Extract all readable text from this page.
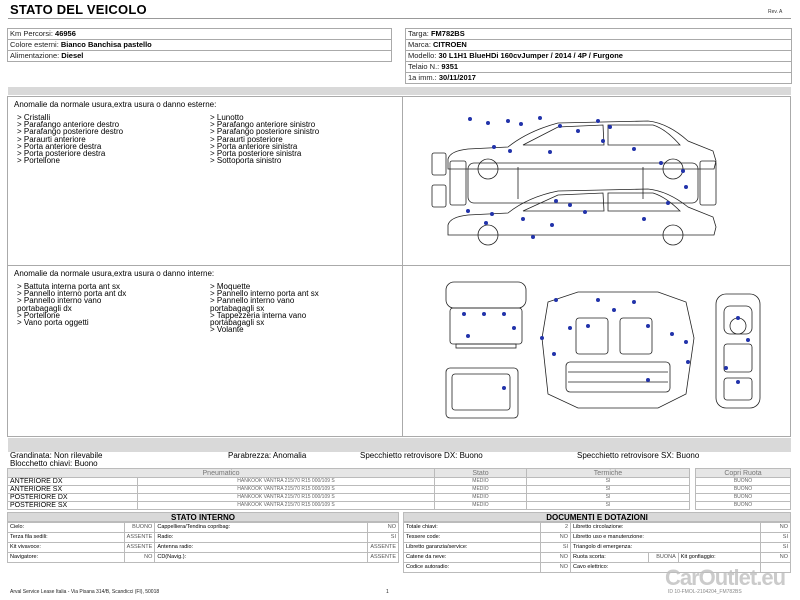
STATO DEL VEICOLO	Rev. A
Km Percorsi: 46956
Colore esterni: Bianco Banchisa pastello
Alimentazione: Diesel
Targa: FM782BS
Marca: CITROEN
Modello: 30 L1H1 BlueHDi 160cvJumper / 2014 / 4P / Furgone
Telaio N.: 9351
1a imm.: 30/11/2017
Anomalie da normale usura,extra usura o danno esterne:
> Cristalli
> Parafango anteriore destro
> Parafango posteriore destro
> Paraurti anteriore
> Porta anteriore destra
> Porta posteriore destra
> Portellone
> Lunotto
> Parafango anteriore sinistro
> Parafango posteriore sinistro
> Paraurti posteriore
> Porta anteriore sinistra
> Porta posteriore sinistra
> Sottoporta sinistro
Anomalie da normale usura,extra usura o danno interne:
> Battuta interna porta ant sx
> Pannello interno porta ant dx
> Pannello interno vano
portabagagli dx
> Portellone
> Vano porta oggetti
> Moquette
> Pannello interno porta ant sx
> Pannello interno vano
portabagagli sx
> Tappezzeria interna vano
portabagagli sx
> Volante
Grandinata: Non rilevabile	Parabrezza: Anomalia	Specchietto retrovisore DX: Buono	Specchietto retrovisore SX: Buono
Blocchetto chiavi: Buono
Pneumatico		Stato	Termiche		Copri Ruota
ANTERIORE DX	HANKOOK VANTRA 215/70 R15 000/109 S	MEDIO	SI		BUONO
ANTERIORE SX	HANKOOK VANTRA 215/70 R15 000/109 S	MEDIO	SI		BUONO
POSTERIORE DX	HANKOOK VANTRA 215/70 R15 000/109 S	MEDIO	SI		BUONO
POSTERIORE SX	HANKOOK VANTRA 215/70 R15 000/109 S	MEDIO	SI		BUONO
STATO INTERNO
Cielo:	BUONO	Cappelliera/Tendina copribag:	NO
Terza fila sedili:	ASSENTE	Radio:	SI
Kit vivavoce:	ASSENTE	Antenna radio:	ASSENTE
Navigatore:	NO	CD(Navig.):	ASSENTE
DOCUMENTI E DOTAZIONI
Totale chiavi:	2	Libretto circolazione:			NO
Tessere code:	NO	Libretto uso e manutenzione:			SI
Libretto garanzia/service:	SI	Triangolo di emergenza:			SI
Catene da neve:	NO	Ruota scorta:	BUONA	Kit gonfiaggio:	NO
Codice autoradio:	NO	Cavo elettrico:			
Arval Service Lease Italia - Via Pisana 314/B, Scandicci (FI), 50018	1	ID 10-FMOL-2104204_FM782BS
CarOutlet.eu
